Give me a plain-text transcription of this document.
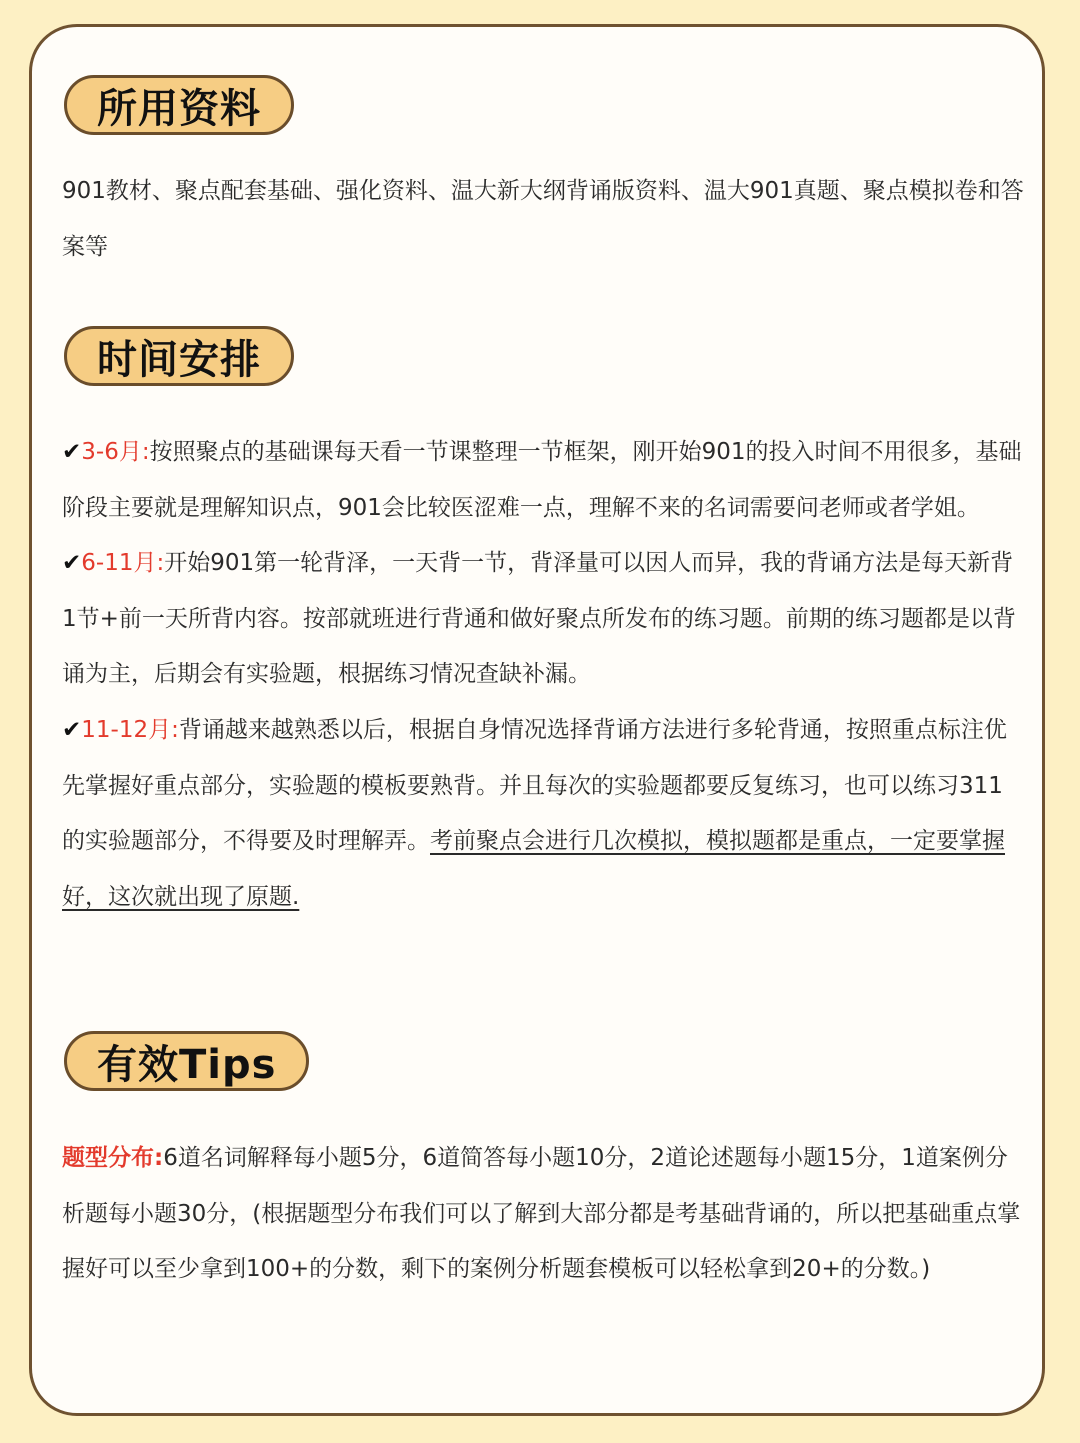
所用资料

901教材、聚点配套基础、强化资料、温大新大纲背诵版资料、温大901真题、聚点模拟卷和答案等

时间安排

✔3-6月:按照聚点的基础课每天看一节课整理一节框架，刚开始901的投入时间不用很多，基础阶段主要就是理解知识点，901会比较医涩难一点，理解不来的名词需要问老师或者学姐。
✔6-11月:开始901第一轮背泽，一天背一节，背泽量可以因人而异，我的背诵方法是每天新背1节+前一天所背内容。按部就班进行背通和做好聚点所发布的练习题。前期的练习题都是以背诵为主，后期会有实验题，根据练习情况查缺补漏。
✔11-12月:背诵越来越熟悉以后，根据自身情况选择背诵方法进行多轮背通，按照重点标注优先掌握好重点部分，实验题的模板要熟背。并且每次的实验题都要反复练习，也可以练习311的实验题部分，不得要及时理解弄。考前聚点会进行几次模拟，模拟题都是重点，一定要掌握好，这次就出现了原题.

有效Tips

题型分布:6道名词解释每小题5分，6道简答每小题10分，2道论述题每小题15分，1道案例分析题每小题30分，(根据题型分布我们可以了解到大部分都是考基础背诵的，所以把基础重点掌握好可以至少拿到100+的分数，剩下的案例分析题套模板可以轻松拿到20+的分数。)
